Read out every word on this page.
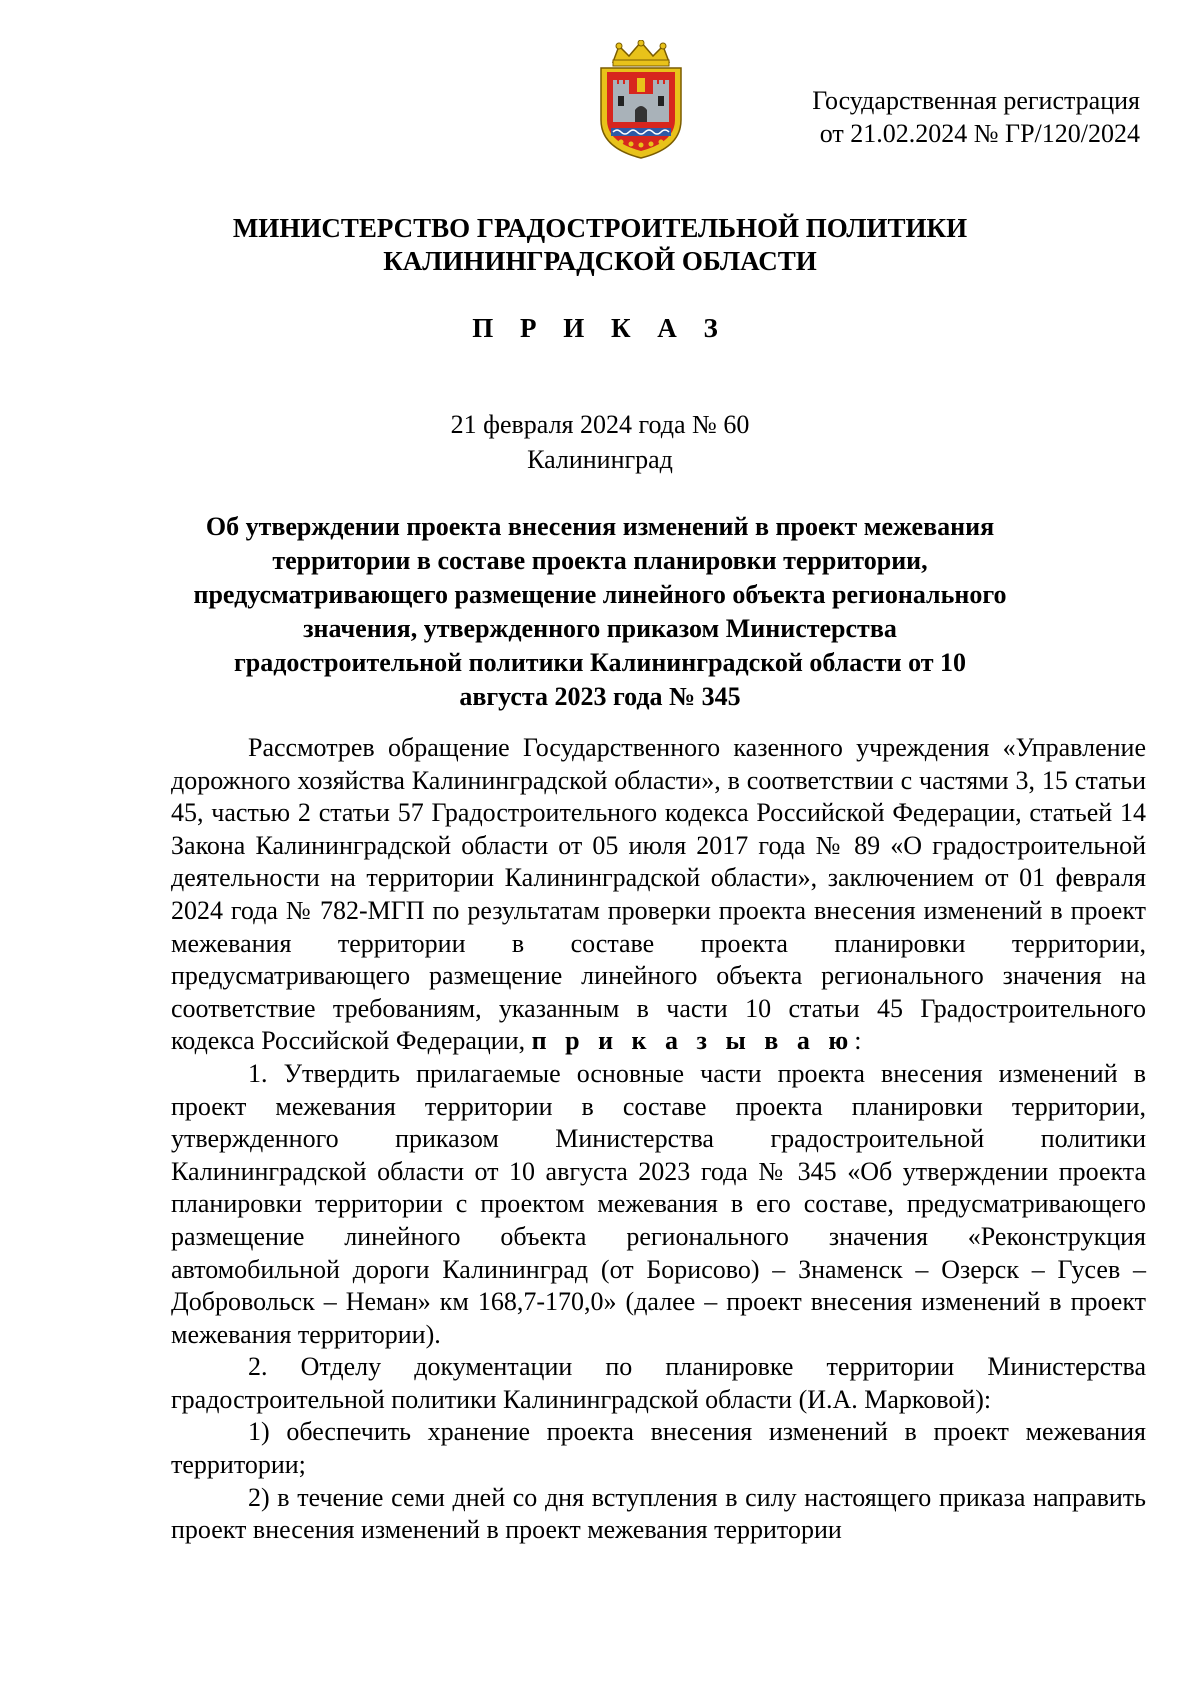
Государственная регистрация
от 21.02.2024 № ГР/120/2024
МИНИСТЕРСТВО ГРАДОСТРОИТЕЛЬНОЙ ПОЛИТИКИ
КАЛИНИНГРАДСКОЙ ОБЛАСТИ
П Р И К А З
21 февраля 2024 года № 60
Калининград
Об утверждении проекта внесения изменений в проект межевания территории в составе проекта планировки территории, предусматривающего размещение линейного объекта регионального значения, утвержденного приказом Министерства градостроительной политики Калининградской области от 10 августа 2023 года № 345

Рассмотрев обращение Государственного казенного учреждения «Управление дорожного хозяйства Калининградской области», в соответствии с частями 3, 15 статьи 45, частью 2 статьи 57 Градостроительного кодекса Российской Федерации, статьей 14 Закона Калининградской области от 05 июля 2017 года № 89 «О градостроительной деятельности на территории Калининградской области», заключением от 01 февраля 2024 года № 782-МГП по результатам проверки проекта внесения изменений в проект межевания территории в составе проекта планировки территории, предусматривающего размещение линейного объекта регионального значения на соответствие требованиям, указанным в части 10 статьи 45 Градостроительного кодекса Российской Федерации, п р и к а з ы в а ю:

1. Утвердить прилагаемые основные части проекта внесения изменений в проект межевания территории в составе проекта планировки территории, утвержденного приказом Министерства градостроительной политики Калининградской области от 10 августа 2023 года № 345 «Об утверждении проекта планировки территории с проектом межевания в его составе, предусматривающего размещение линейного объекта регионального значения «Реконструкция автомобильной дороги Калининград (от Борисово) – Знаменск – Озерск – Гусев – Добровольск – Неман» км 168,7-170,0» (далее – проект внесения изменений в проект межевания территории).

2. Отделу документации по планировке территории Министерства градостроительной политики Калининградской области (И.А. Марковой):

1) обеспечить хранение проекта внесения изменений в проект межевания территории;

2) в течение семи дней со дня вступления в силу настоящего приказа направить проект внесения изменений в проект межевания территории
